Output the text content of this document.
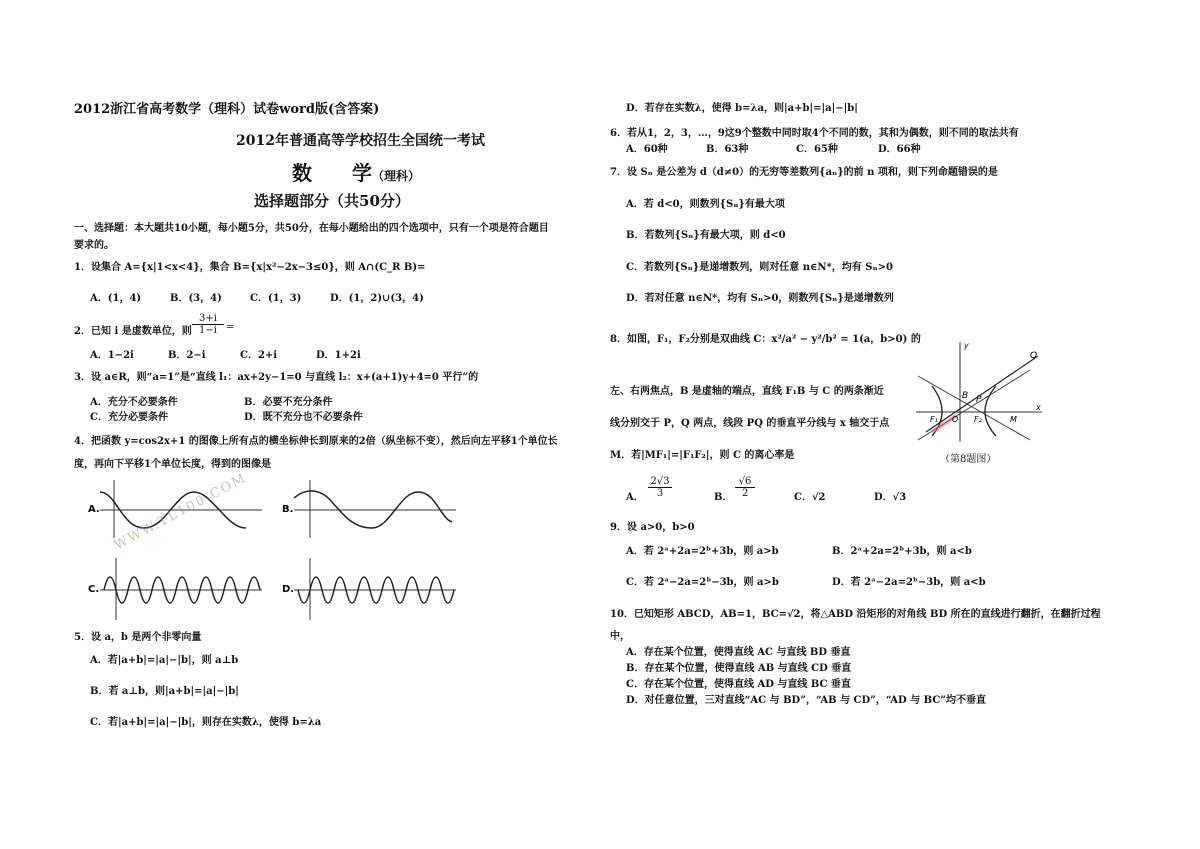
2012浙江省高考数学（理科）试卷word版(含答案)
2012年普通高等学校招生全国统一考试
数　　学（理科）
选择题部分（共50分）
一、选择题：本大题共10小题，每小题5分，共50分，在每小题给出的四个选项中，只有一个项是符合题目
要求的。
1．设集合 A={x|1<x<4}，集合 B={x|x²−2x−3≤0}，则 A∩(C_R B)=
A．(1，4)	B．(3，4)	C．(1，3)	D．(1，2)∪(3，4)
2．已知 i 是虚数单位，则 $\frac{3+i}{1-i}$ =
A．1−2i	B．2−i	C．2+i	D．1+2i
3．设 a∈R，则“a=1”是“直线 l₁：ax+2y−1=0 与直线 l₂：x+(a+1)y+4=0 平行”的
A．充分不必要条件	B．必要不充分条件
C．充分必要条件	D．既不充分也不必要条件
4．把函数 y=cos2x+1 的图像上所有点的横坐标伸长到原来的2倍（纵坐标不变），然后向左平移1个单位长
度，再向下平移1个单位长度，得到的图像是
A.	B.
C.	D.
WWW.TL100.COM
5．设 a，b 是两个非零向量
A．若|a+b|=|a|−|b|，则 a⊥b
B．若 a⊥b，则|a+b|=|a|−|b|
C．若|a+b|=|a|−|b|，则存在实数λ，使得 b=λa
D．若存在实数λ，使得 b=λa，则|a+b|=|a|−|b|
6．若从1，2，3，…，9这9个整数中同时取4个不同的数，其和为偶数，则不同的取法共有
A．60种	B．63种	C．65种	D．66种
7．设 Sₙ 是公差为 d（d≠0）的无穷等差数列{aₙ}的前 n 项和，则下列命题错误的是
A．若 d<0，则数列{Sₙ}有最大项
B．若数列{Sₙ}有最大项，则 d<0
C．若数列{Sₙ}是递增数列，则对任意 n∈N*，均有 Sₙ>0
D．若对任意 n∈N*，均有 Sₙ>0，则数列{Sₙ}是递增数列
8．如图，F₁，F₂分别是双曲线 C：x²/a² − y²/b² = 1(a，b>0) 的
左、右两焦点，B 是虚轴的端点，直线 F₁B 与 C 的两条渐近
线分别交于 P，Q 两点，线段 PQ 的垂直平分线与 x 轴交于点
M．若|MF₁|=|F₁F₂|，则 C 的离心率是
Q
P
B
F₁	F₂	M
O
x
y
（第8题图）
A． $\frac{2√3}{3}$	B． $\frac{√6}{2}$	C．√2	D．√3
9．设 a>0，b>0
A．若 2ᵃ+2a=2ᵇ+3b，则 a>b	B．2ᵃ+2a=2ᵇ+3b，则 a<b
C．若 2ᵃ−2a=2ᵇ−3b，则 a>b	D．若 2ᵃ−2a=2ᵇ−3b，则 a<b
10．已知矩形 ABCD，AB=1，BC=√2，将△ABD 沿矩形的对角线 BD 所在的直线进行翻折，在翻折过程
中，
A．存在某个位置，使得直线 AC 与直线 BD 垂直
B．存在某个位置，使得直线 AB 与直线 CD 垂直
C．存在某个位置，使得直线 AD 与直线 BC 垂直
D．对任意位置，三对直线“AC 与 BD”，“AB 与 CD”，“AD 与 BC”均不垂直
